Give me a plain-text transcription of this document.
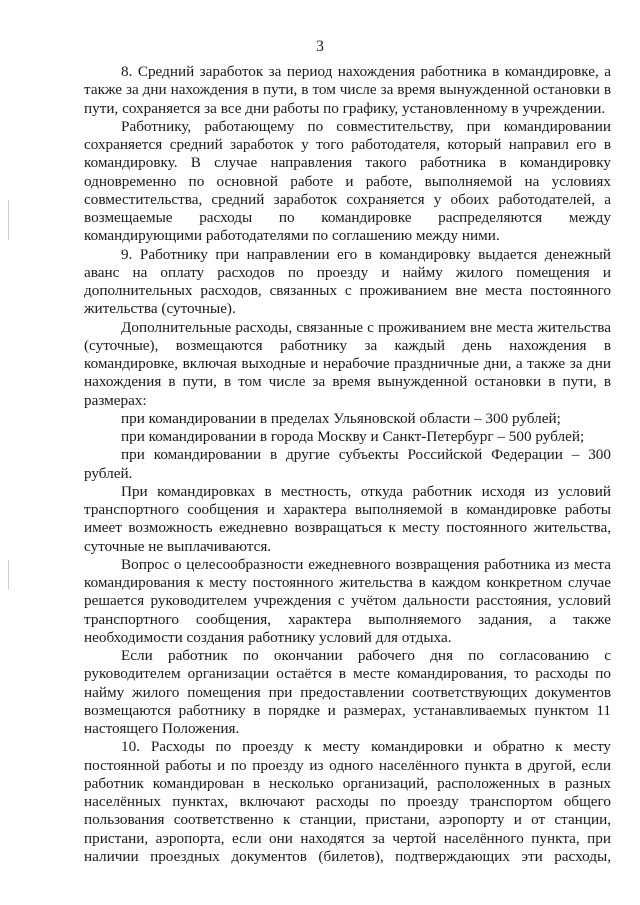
3

8. Средний заработок за период нахождения работника в командировке, а также за дни нахождения в пути, в том числе за время вынужденной остановки в пути, сохраняется за все дни работы по графику, установленному в учреждении.

Работнику, работающему по совместительству, при командировании сохраняется средний заработок у того работодателя, который направил его в командировку. В случае направления такого работника в командировку одновременно по основной работе и работе, выполняемой на условиях совместительства, средний заработок сохраняется у обоих работодателей, а возмещаемые расходы по командировке распределяются между командирующими работодателями по соглашению между ними.

9. Работнику при направлении его в командировку выдается денежный аванс на оплату расходов по проезду и найму жилого помещения и дополнительных расходов, связанных с проживанием вне места постоянного жительства (суточные).

Дополнительные расходы, связанные с проживанием вне места жительства (суточные), возмещаются работнику за каждый день нахождения в командировке, включая выходные и нерабочие праздничные дни, а также за дни нахождения в пути, в том числе за время вынужденной остановки в пути, в размерах:

при командировании в пределах Ульяновской области – 300 рублей;

при командировании в города Москву и Санкт-Петербург – 500 рублей;

при командировании в другие субъекты Российской Федерации – 300 рублей.

При командировках в местность, откуда работник исходя из условий транспортного сообщения и характера выполняемой в командировке работы имеет возможность ежедневно возвращаться к месту постоянного жительства, суточные не выплачиваются.

Вопрос о целесообразности ежедневного возвращения работника из места командирования к месту постоянного жительства в каждом конкретном случае решается руководителем учреждения с учётом дальности расстояния, условий транспортного сообщения, характера выполняемого задания, а также необходимости создания работнику условий для отдыха.

Если работник по окончании рабочего дня по согласованию с руководителем организации остаётся в месте командирования, то расходы по найму жилого помещения при предоставлении соответствующих документов возмещаются работнику в порядке и размерах, устанавливаемых пунктом 11 настоящего Положения.

10. Расходы по проезду к месту командировки и обратно к месту постоянной работы и по проезду из одного населённого пункта в другой, если работник командирован в несколько организаций, расположенных в разных населённых пунктах, включают расходы по проезду транспортом общего пользования соответственно к станции, пристани, аэропорту и от станции, пристани, аэропорта, если они находятся за чертой населённого пункта, при наличии проездных документов (билетов), подтверждающих эти расходы,
